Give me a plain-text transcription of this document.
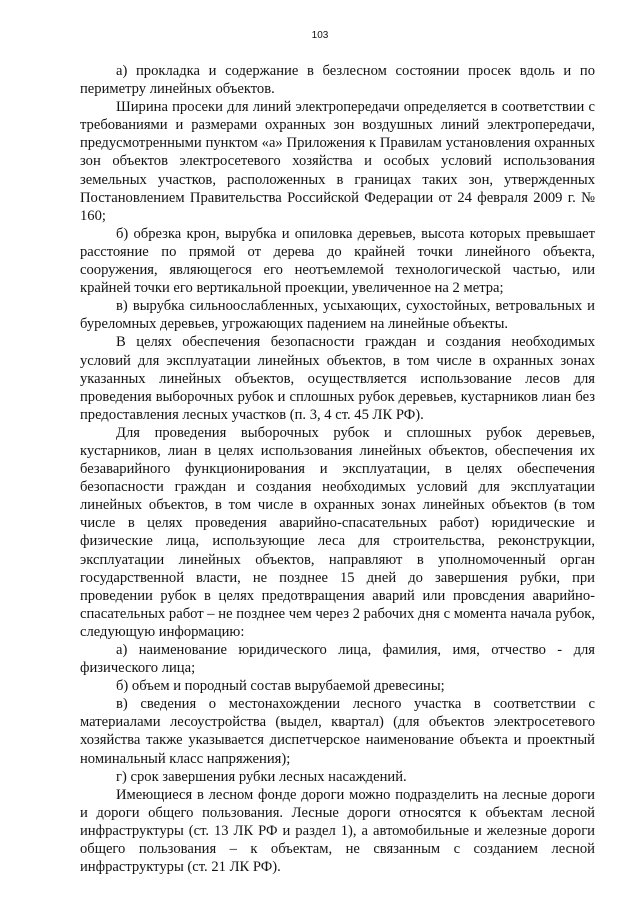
103

а) прокладка и содержание в безлесном состоянии просек вдоль и по периметру линейных объектов.

Ширина просеки для линий электропередачи определяется в соответствии с требованиями и размерами охранных зон воздушных линий электропередачи, предусмотренными пунктом «а» Приложения к Правилам установления охранных зон объектов электросетевого хозяйства и особых условий использования земельных участков, расположенных в границах таких зон, утвержденных Постановлением Правительства Российской Федерации от 24 февраля 2009 г. № 160;

б) обрезка крон, вырубка и опиловка деревьев, высота которых превышает расстояние по прямой от дерева до крайней точки линейного объекта, сооружения, являющегося его неотъемлемой технологической частью, или крайней точки его вертикальной проекции, увеличенное на 2 метра;

в) вырубка сильноослабленных, усыхающих, сухостойных, ветровальных и буреломных деревьев, угрожающих падением на линейные объекты.

В целях обеспечения безопасности граждан и создания необходимых условий для эксплуатации линейных объектов, в том числе в охранных зонах указанных линейных объектов, осуществляется использование лесов для проведения выборочных рубок и сплошных рубок деревьев, кустарников лиан без предоставления лесных участков (п. 3, 4 ст. 45 ЛК РФ).

Для проведения выборочных рубок и сплошных рубок деревьев, кустарников, лиан в целях использования линейных объектов, обеспечения их безаварийного функционирования и эксплуатации, в целях обеспечения безопасности граждан и создания необходимых условий для эксплуатации линейных объектов, в том числе в охранных зонах линейных объектов (в том числе в целях проведения аварийно-спасательных работ) юридические и физические лица, использующие леса для строительства, реконструкции, эксплуатации линейных объектов, направляют в уполномоченный орган государственной власти, не позднее 15 дней до завершения рубки, при проведении рубок в целях предотвращения аварий или провсдения аварийно-спасательных работ – не позднее чем через 2 рабочих дня с момента начала рубок, следующую информацию:

а) наименование юридического лица, фамилия, имя, отчество - для физического лица;

б) объем и породный состав вырубаемой древесины;

в) сведения о местонахождении лесного участка в соответствии с материалами лесоустройства (выдел, квартал) (для объектов электросетевого хозяйства также указывается диспетчерское наименование объекта и проектный номинальный класс напряжения);

г) срок завершения рубки лесных насаждений.

Имеющиеся в лесном фонде дороги можно подразделить на лесные дороги и дороги общего пользования. Лесные дороги относятся к объектам лесной инфраструктуры (ст. 13 ЛК РФ и раздел 1), а автомобильные и железные дороги общего пользования – к объектам, не связанным с созданием лесной инфраструктуры (ст. 21 ЛК РФ).
